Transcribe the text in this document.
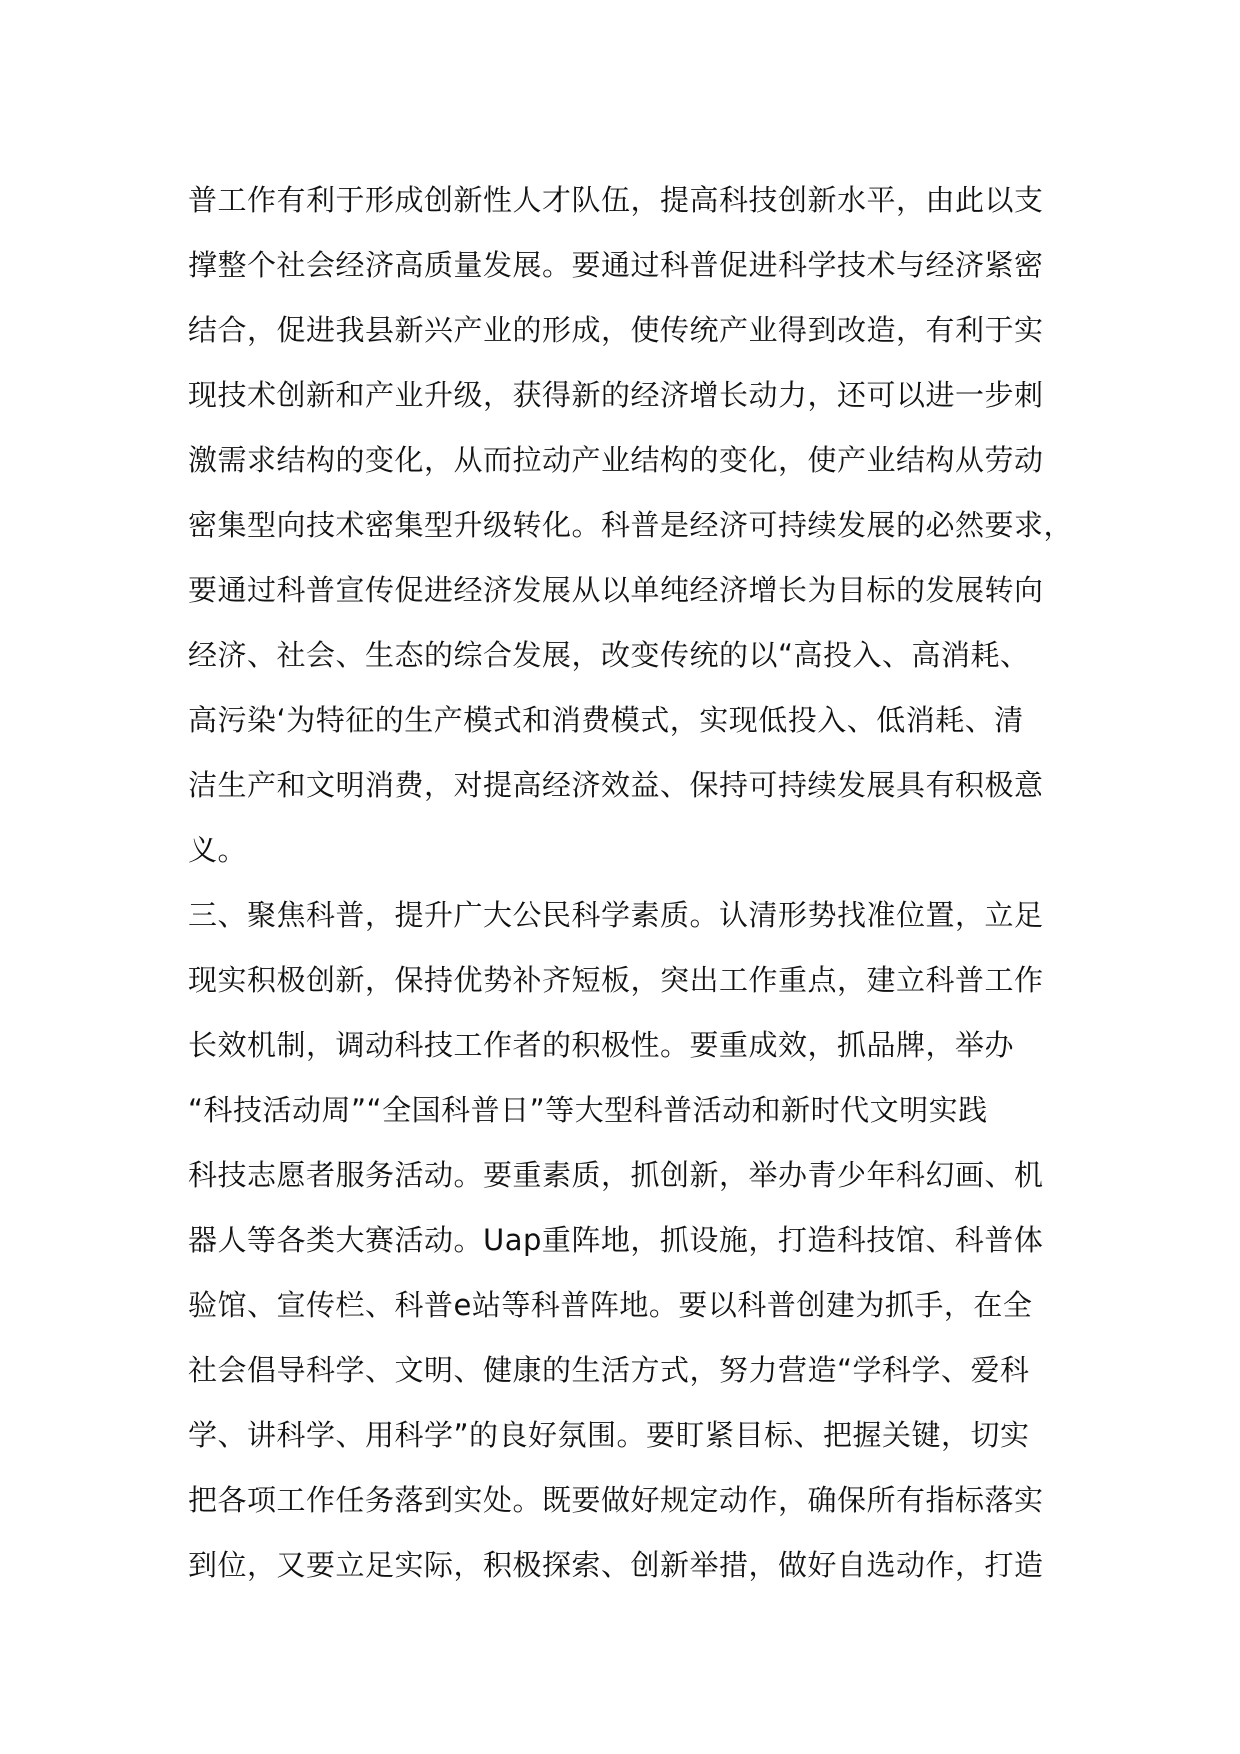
普工作有利于形成创新性人才队伍，提高科技创新水平，由此以支
撑整个社会经济高质量发展。要通过科普促进科学技术与经济紧密
结合，促进我县新兴产业的形成，使传统产业得到改造，有利于实
现技术创新和产业升级，获得新的经济增长动力，还可以进一步刺
激需求结构的变化，从而拉动产业结构的变化，使产业结构从劳动
密集型向技术密集型升级转化。科普是经济可持续发展的必然要求，
要通过科普宣传促进经济发展从以单纯经济增长为目标的发展转向
经济、社会、生态的综合发展，改变传统的以“高投入、高消耗、
高污染‘为特征的生产模式和消费模式，实现低投入、低消耗、清
洁生产和文明消费，对提高经济效益、保持可持续发展具有积极意
义。
三、聚焦科普，提升广大公民科学素质。认清形势找准位置，立足
现实积极创新，保持优势补齐短板，突出工作重点，建立科普工作
长效机制，调动科技工作者的积极性。要重成效，抓品牌，举办
“科技活动周”“全国科普日”等大型科普活动和新时代文明实践
科技志愿者服务活动。要重素质，抓创新，举办青少年科幻画、机
器人等各类大赛活动。Uap重阵地，抓设施，打造科技馆、科普体
验馆、宣传栏、科普e站等科普阵地。要以科普创建为抓手，在全
社会倡导科学、文明、健康的生活方式，努力营造“学科学、爱科
学、讲科学、用科学”的良好氛围。要盯紧目标、把握关键，切实
把各项工作任务落到实处。既要做好规定动作，确保所有指标落实
到位，又要立足实际，积极探索、创新举措，做好自选动作，打造
